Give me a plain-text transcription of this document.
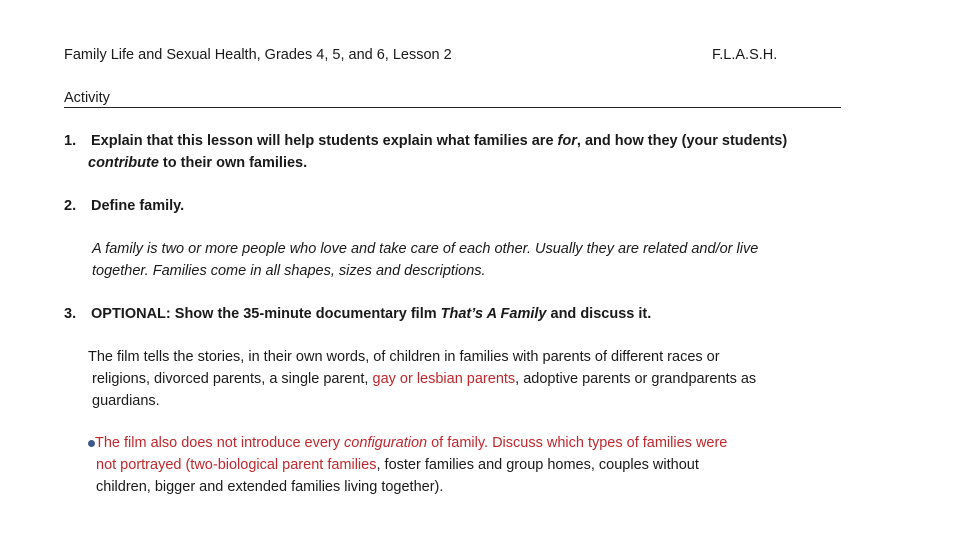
Family Life and Sexual Health, Grades 4, 5, and 6, Lesson 2	F.L.A.S.H.
Activity
1. Explain that this lesson will help students explain what families are for, and how they (your students)
contribute to their own families.
2. Define family.
A family is two or more people who love and take care of each other. Usually they are related and/or live
together. Families come in all shapes, sizes and descriptions.
3. OPTIONAL: Show the 35-minute documentary film That’s A Family and discuss it.
The film tells the stories, in their own words, of children in families with parents of different races or
religions, divorced parents, a single parent, gay or lesbian parents, adoptive parents or grandparents as
guardians.
The film also does not introduce every configuration of family. Discuss which types of families were
not portrayed (two-biological parent families, foster families and group homes, couples without
children, bigger and extended families living together).
